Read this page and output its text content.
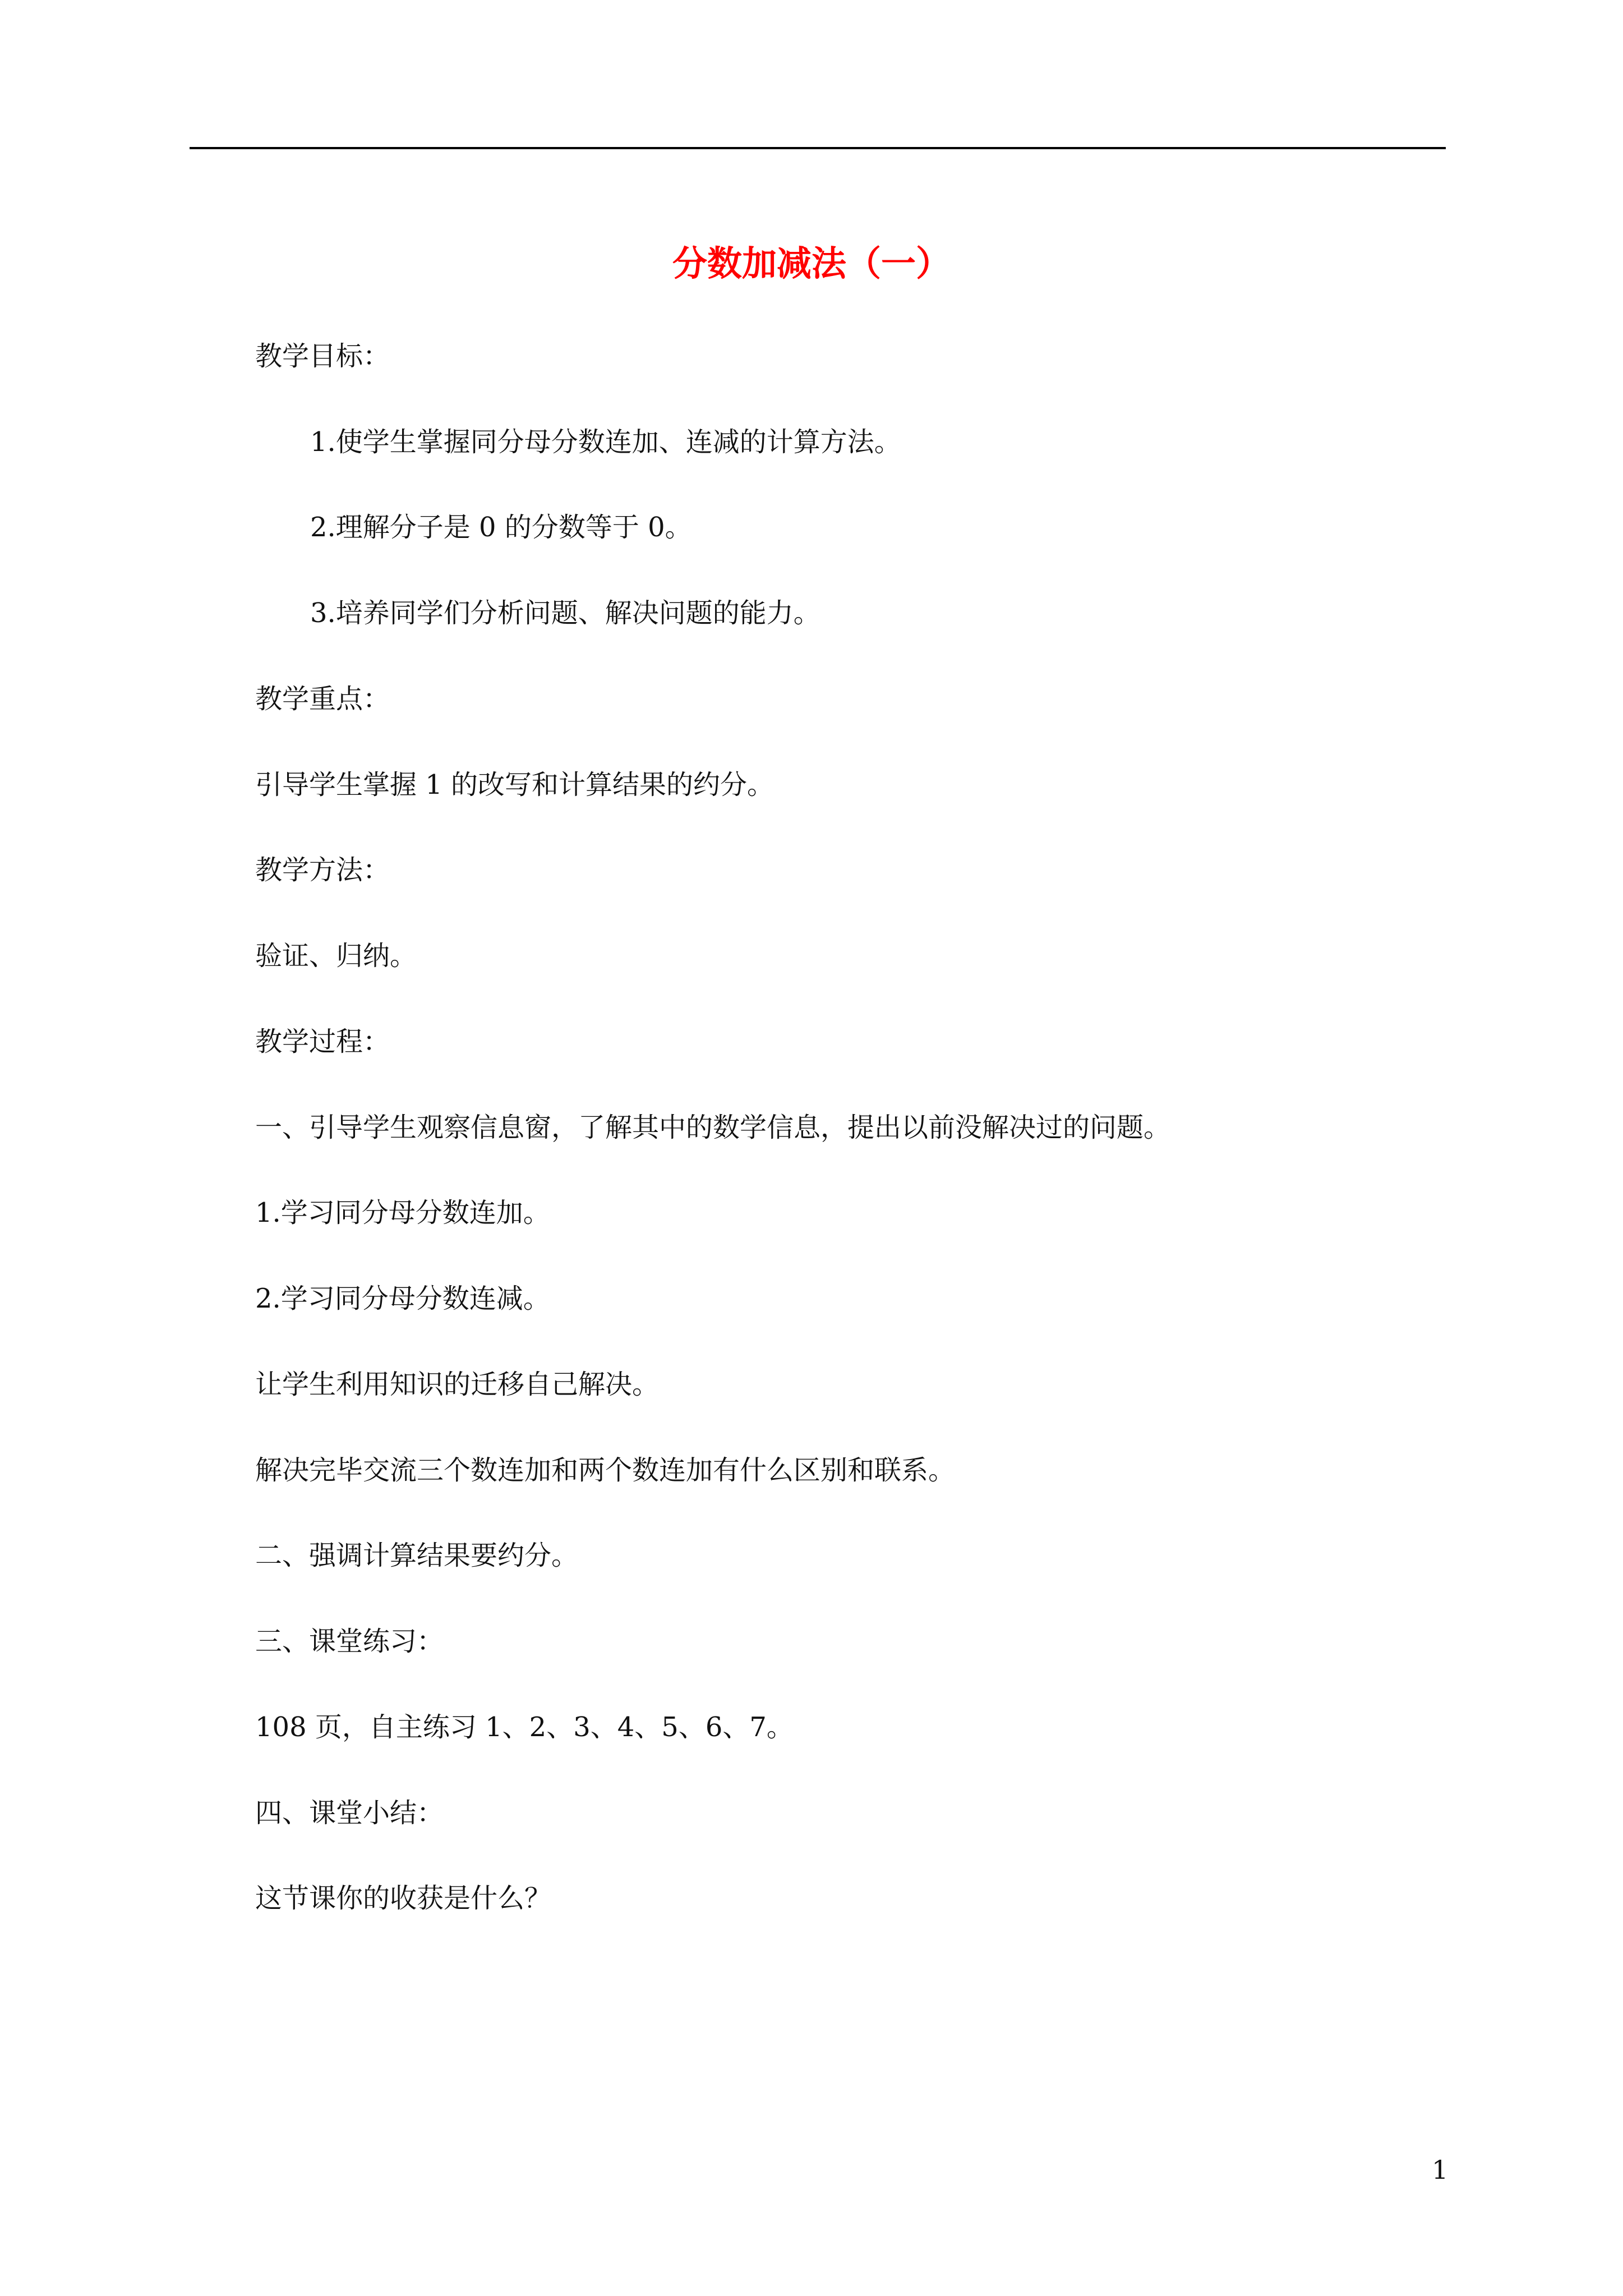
分数加减法（一）

教学目标：

1.使学生掌握同分母分数连加、连减的计算方法。

2.理解分子是 0 的分数等于 0。

3.培养同学们分析问题、解决问题的能力。

教学重点：

引导学生掌握 1 的改写和计算结果的约分。

教学方法：

验证、归纳。

教学过程：

一、引导学生观察信息窗，了解其中的数学信息，提出以前没解决过的问题。

1.学习同分母分数连加。

2.学习同分母分数连减。

让学生利用知识的迁移自己解决。

解决完毕交流三个数连加和两个数连加有什么区别和联系。

二、强调计算结果要约分。

三、课堂练习：

108 页，自主练习 1、2、3、4、5、6、7。

四、课堂小结：

这节课你的收获是什么？

1
